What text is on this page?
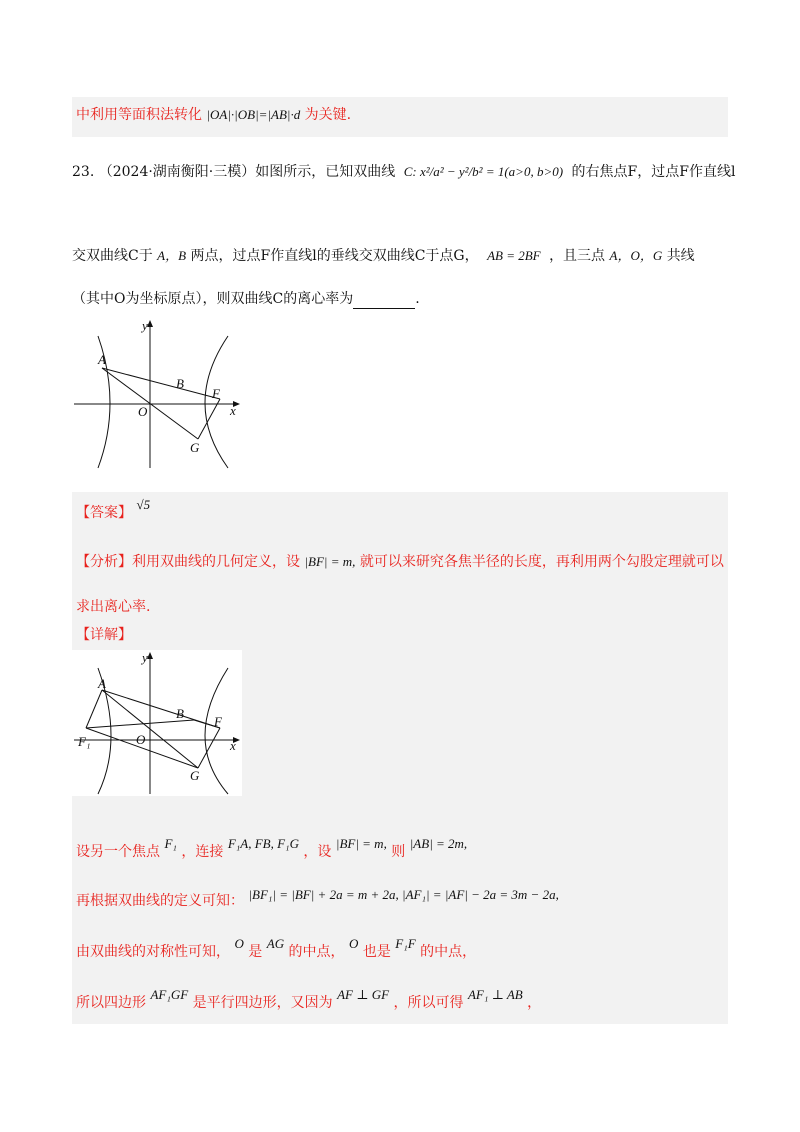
中利用等面积法转化 |OA|·|OB|=|AB|·d 为关键.
23. （2024·湖南衡阳·三模）如图所示，已知双曲线 C: x²/a² − y²/b² = 1(a>0, b>0) 的右焦点F，过点F作直线l
交双曲线C于 A，B 两点，过点F作直线l的垂线交双曲线C于点G， AB = 2BF ，且三点 A，O，G 共线
（其中O为坐标原点），则双曲线C的离心率为	.
y
A
B
F
O	x
G
【答案】 √5
【分析】利用双曲线的几何定义，设 |BF| = m, 就可以来研究各焦半径的长度，再利用两个勾股定理就可以
求出离心率.
【详解】
y
A
B
F
F₁	O	x
G
设另一个焦点 F₁ ，连接 F₁A, FB, F₁G ，设 |BF| = m, 则 |AB| = 2m,
再根据双曲线的定义可知： |BF₁| = |BF| + 2a = m + 2a, |AF₁| = |AF| − 2a = 3m − 2a,
由双曲线的对称性可知， O 是 AG 的中点， O 也是 F₁F 的中点，
所以四边形 AF₁GF 是平行四边形，又因为 AF ⊥ GF ，所以可得 AF₁ ⊥ AB ，
